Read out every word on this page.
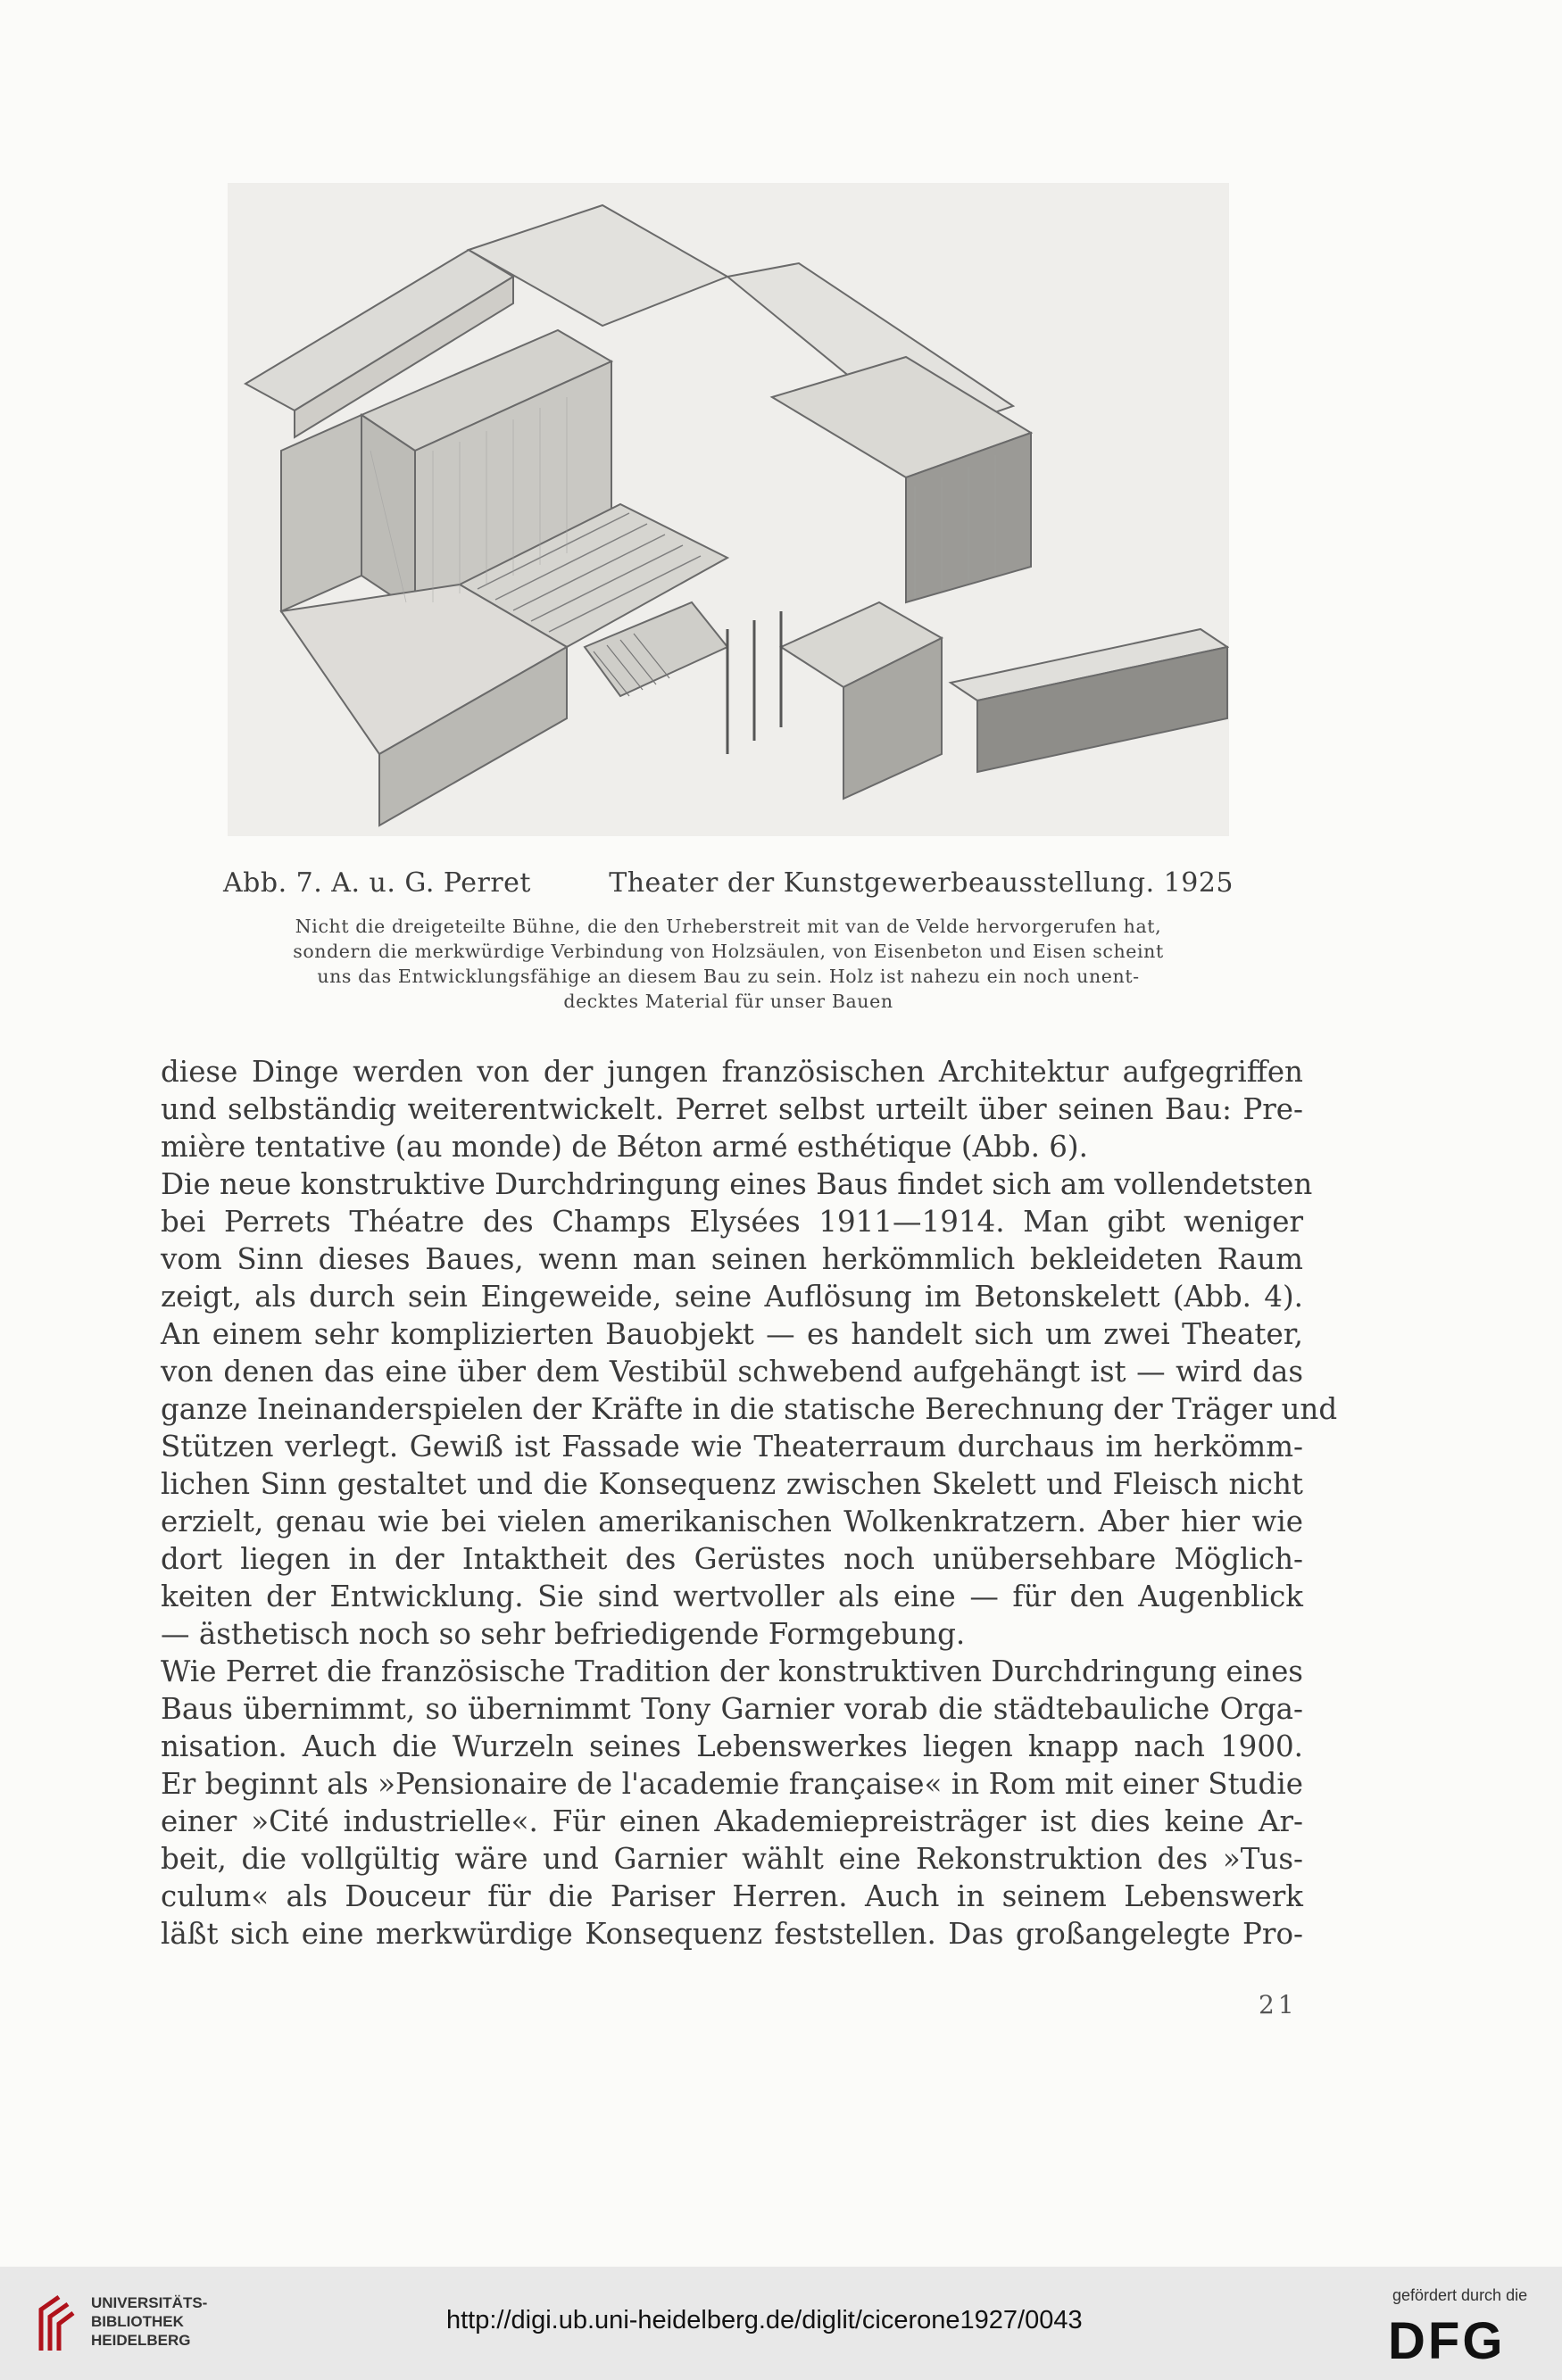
Abb. 7. A. u. G. Perret	Theater der Kunstgewerbeausstellung. 1925
Nicht die dreigeteilte Bühne, die den Urheberstreit mit van de Velde hervorgerufen hat,
sondern die merkwürdige Verbindung von Holzsäulen, von Eisenbeton und Eisen scheint
uns das Entwicklungsfähige an diesem Bau zu sein. Holz ist nahezu ein noch unent-
decktes Material für unser Bauen
diese Dinge werden von der jungen französischen Architektur aufgegriffen
und selbständig weiterentwickelt. Perret selbst urteilt über seinen Bau: Pre-
mière tentative (au monde) de Béton armé esthétique (Abb. 6).
Die neue konstruktive Durchdringung eines Baus findet sich am vollendetsten
bei Perrets Théatre des Champs Elysées 1911—1914. Man gibt weniger
vom Sinn dieses Baues, wenn man seinen herkömmlich bekleideten Raum
zeigt, als durch sein Eingeweide, seine Auflösung im Betonskelett (Abb. 4).
An einem sehr komplizierten Bauobjekt — es handelt sich um zwei Theater,
von denen das eine über dem Vestibül schwebend aufgehängt ist — wird das
ganze Ineinanderspielen der Kräfte in die statische Berechnung der Träger und
Stützen verlegt. Gewiß ist Fassade wie Theaterraum durchaus im herkömm-
lichen Sinn gestaltet und die Konsequenz zwischen Skelett und Fleisch nicht
erzielt, genau wie bei vielen amerikanischen Wolkenkratzern. Aber hier wie
dort liegen in der Intaktheit des Gerüstes noch unübersehbare Möglich-
keiten der Entwicklung. Sie sind wertvoller als eine — für den Augenblick
— ästhetisch noch so sehr befriedigende Formgebung.
Wie Perret die französische Tradition der konstruktiven Durchdringung eines
Baus übernimmt, so übernimmt Tony Garnier vorab die städtebauliche Orga-
nisation. Auch die Wurzeln seines Lebenswerkes liegen knapp nach 1900.
Er beginnt als »Pensionaire de l'academie française« in Rom mit einer Studie
einer »Cité industrielle«. Für einen Akademiepreisträger ist dies keine Ar-
beit, die vollgültig wäre und Garnier wählt eine Rekonstruktion des »Tus-
culum« als Douceur für die Pariser Herren. Auch in seinem Lebenswerk
läßt sich eine merkwürdige Konsequenz feststellen. Das großangelegte Pro-
21
UNIVERSITÄTS-
BIBLIOTHEK
HEIDELBERG
http://digi.ub.uni-heidelberg.de/diglit/cicerone1927/0043
gefördert durch die
DFG
